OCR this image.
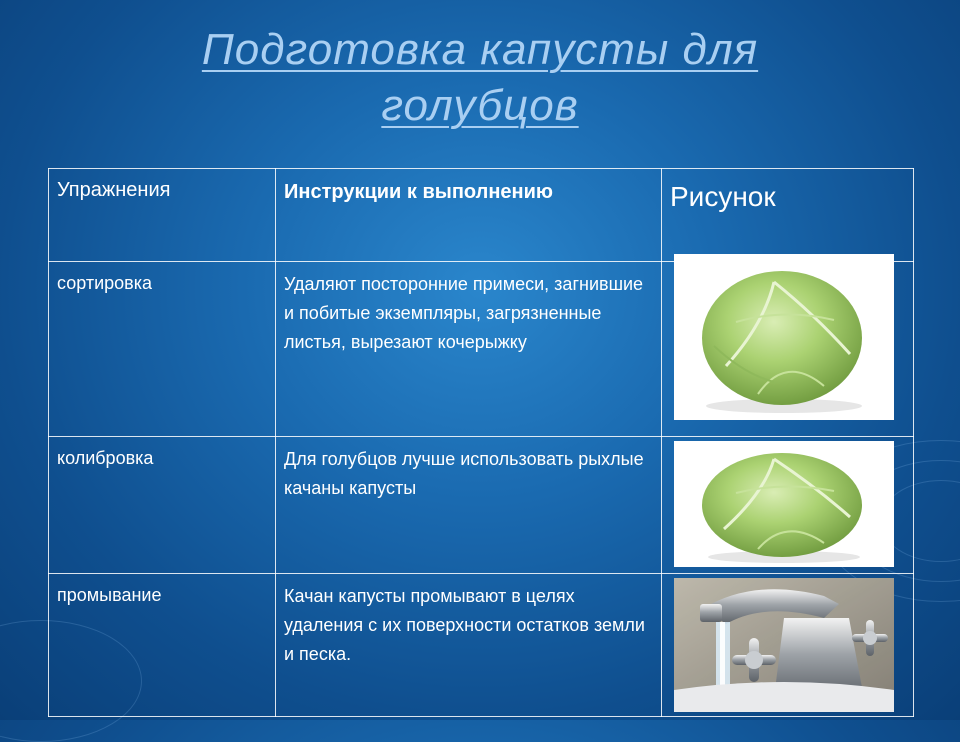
Подготовка капусты для
голубцов
Упражнения	Инструкции к выполнению	Рисунок
сортировка	Удаляют посторонние примеси, загнившие и побитые экземпляры, загрязненные листья, вырезают кочерыжку	

колибровка	Для голубцов лучше использовать рыхлые качаны капусты	

промывание	Качан капусты промывают в целях удаления с их поверхности остатков земли и песка.	
